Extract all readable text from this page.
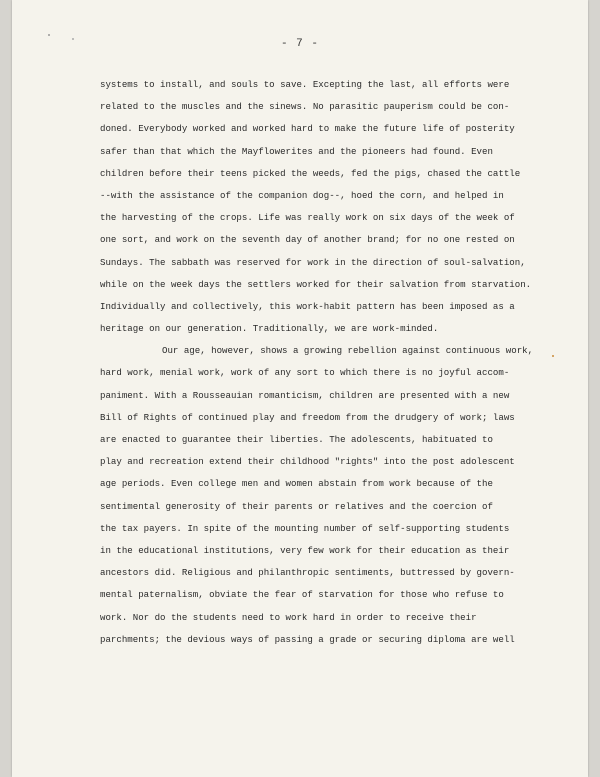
- 7 -
systems to install, and souls to save. Excepting the last, all efforts were
related to the muscles and the sinews. No parasitic pauperism could be con-
doned. Everybody worked and worked hard to make the future life of posterity
safer than that which the Mayflowerites and the pioneers had found. Even
children before their teens picked the weeds, fed the pigs, chased the cattle
--with the assistance of the companion dog--, hoed the corn, and helped in
the harvesting of the crops. Life was really work on six days of the week of
one sort, and work on the seventh day of another brand; for no one rested on
Sundays. The sabbath was reserved for work in the direction of soul-salvation,
while on the week days the settlers worked for their salvation from starvation.
Individually and collectively, this work-habit pattern has been imposed as a
heritage on our generation. Traditionally, we are work-minded.
Our age, however, shows a growing rebellion against continuous work,
hard work, menial work, work of any sort to which there is no joyful accom-
paniment. With a Rousseauian romanticism, children are presented with a new
Bill of Rights of continued play and freedom from the drudgery of work; laws
are enacted to guarantee their liberties. The adolescents, habituated to
play and recreation extend their childhood "rights" into the post adolescent
age periods. Even college men and women abstain from work because of the
sentimental generosity of their parents or relatives and the coercion of
the tax payers. In spite of the mounting number of self-supporting students
in the educational institutions, very few work for their education as their
ancestors did. Religious and philanthropic sentiments, buttressed by govern-
mental paternalism, obviate the fear of starvation for those who refuse to
work. Nor do the students need to work hard in order to receive their
parchments; the devious ways of passing a grade or securing diploma are well
